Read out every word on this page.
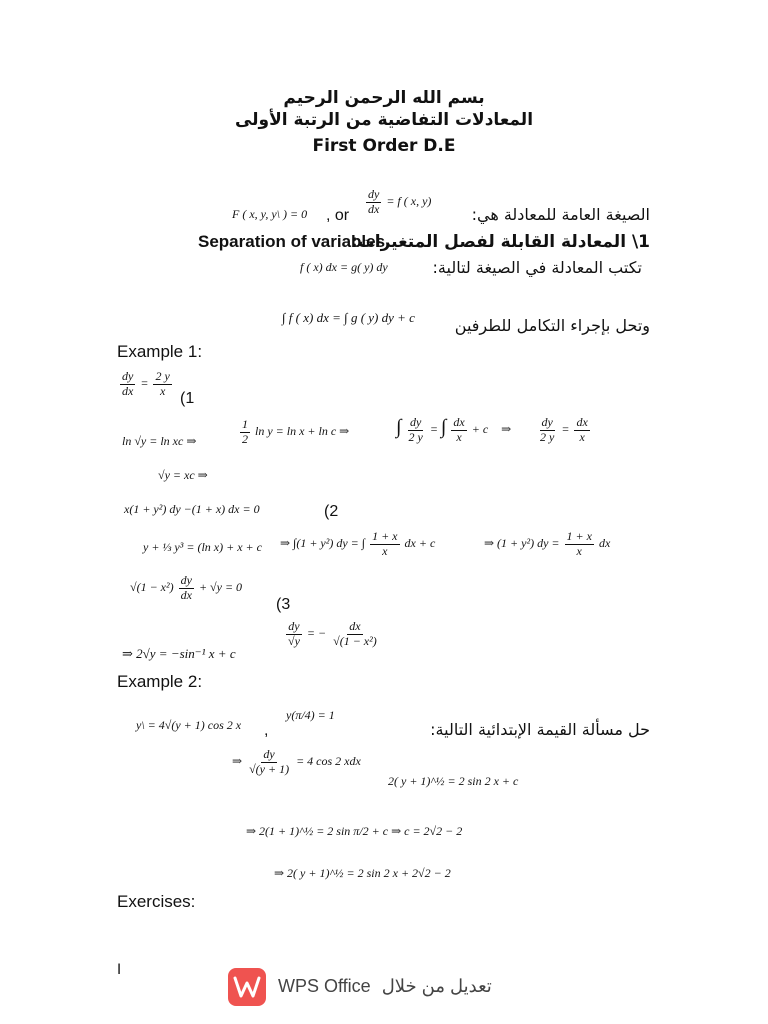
بسم الله الرحمن الرحيم
المعادلات التفاضية من الرتبة الأولى
First Order D.E
الصيغة العامة للمعادلة هي:
F ( x, y, y\ ) = 0 , or $\frac{dy}{dx} = f$ ( x, y)
Separation of variables
1\ المعادلة القابلة لفصل المتغيرات:
f ( x) dx = g( y) dy	تكتب المعادلة في الصيغة لتالية:
∫ f ( x) dx = ∫ g ( y) dy + c	وتحل بإجراء التكامل للطرفين
Example 1:
$\frac{dy}{dx} = \frac{2 y}{x} (1$
ln √y = ln xc ⇒	$\frac{1}{2}$ ln y = ln x + ln c ⇒ ∫ $\frac{dy}{2 y}$ = ∫ $\frac{dx}{x} + c$ ⇒ $\frac{dy}{2 y} = \frac{dx}{x}$
√y = xc ⇒
x(1 + y²) dy −(1 + x) dx = 0	(2
y + ⅓ y³ = (ln x) + x + c ⇒ ∫(1 + y²) dy = ∫ $\frac{1 + x}{x}$ dx + c	⇒ (1 + y²) dy = $\frac{1 + x}{x}$ dx
$√(1 - x^2) \frac{dy}{dx} + √y = 0$
(3
⇒ 2√y = −sin⁻¹ x + c
$\frac{dy}{√y}$ = − $\frac{dx}{\text{√(1 − x²)}}$
Example 2:
y\ = 4√(y + 1) cos 2 x ,
y(π/4) = 1
حل مسألة القيمة الإبتدائية التالية:
⇒ $\frac{dy}{√(y + 1)} = 4$ cos 2 xdx
2( y + 1)^½ = 2 sin 2 x + c
⇒ 2(1 + 1)^½ = 2 sin π/2 + c ⇒ c = 2√2 − 2
⇒ 2( y + 1)^½ = 2 sin 2 x + 2√2 − 2
Exercises:
I
WPS Office تعديل من خلال
